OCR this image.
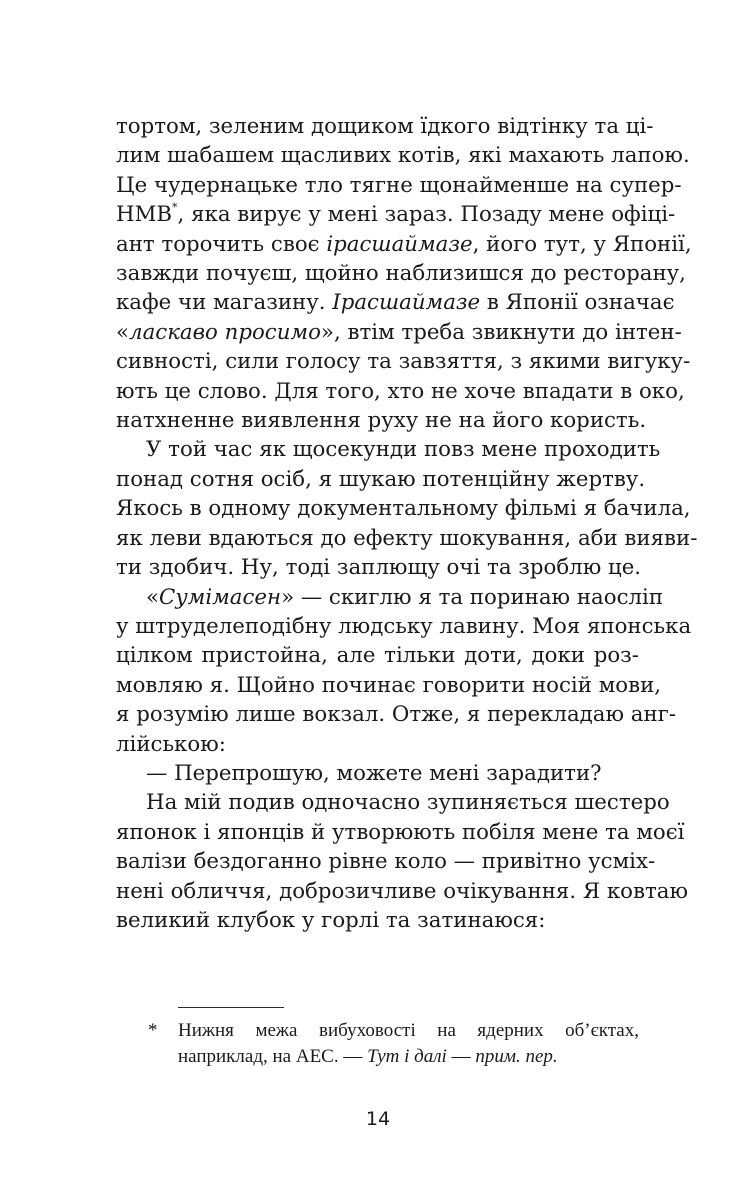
тортом, зеленим дощиком їдкого відтінку та ці-
лим шабашем щасливих котів, які махають лапою.
Це чудернацьке тло тягне щонайменше на супер-
НМВ*, яка вирує у мені зараз. Позаду мене офіці-
ант торочить своє ірасшаймазе, його тут, у Японії,
завжди почуєш, щойно наблизишся до ресторану,
кафе чи магазину. Ірасшаймазе в Японії означає
«ласкаво просимо», втім треба звикнути до інтен-
сивності, сили голосу та завзяття, з якими вигуку-
ють це слово. Для того, хто не хоче впадати в око,
натхненне виявлення руху не на його користь.

У той час як щосекунди повз мене проходить
понад сотня осіб, я шукаю потенційну жертву.
Якось в одному документальному фільмі я бачила,
як леви вдаються до ефекту шокування, аби вияви-
ти здобич. Ну, тоді заплющу очі та зроблю це.

«Сумімасен» — скиглю я та поринаю наосліп
у штруделеподібну людську лавину. Моя японська
цілком пристойна, але тільки доти, доки роз-
мовляю я. Щойно починає говорити носій мови,
я розумію лише вокзал. Отже, я перекладаю анг-
лійською:

— Перепрошую, можете мені зарадити?

На мій подив одночасно зупиняється шестеро
японок і японців й утворюють побіля мене та моєї
валізи бездоганно рівне коло — привітно усміх-
нені обличчя, доброзичливе очікування. Я ковтаю
великий клубок у горлі та затинаюся:

* Нижня межа вибуховості на ядерних об’єктах,
наприклад, на АЕС. — Тут і далі — прим. пер.
14
